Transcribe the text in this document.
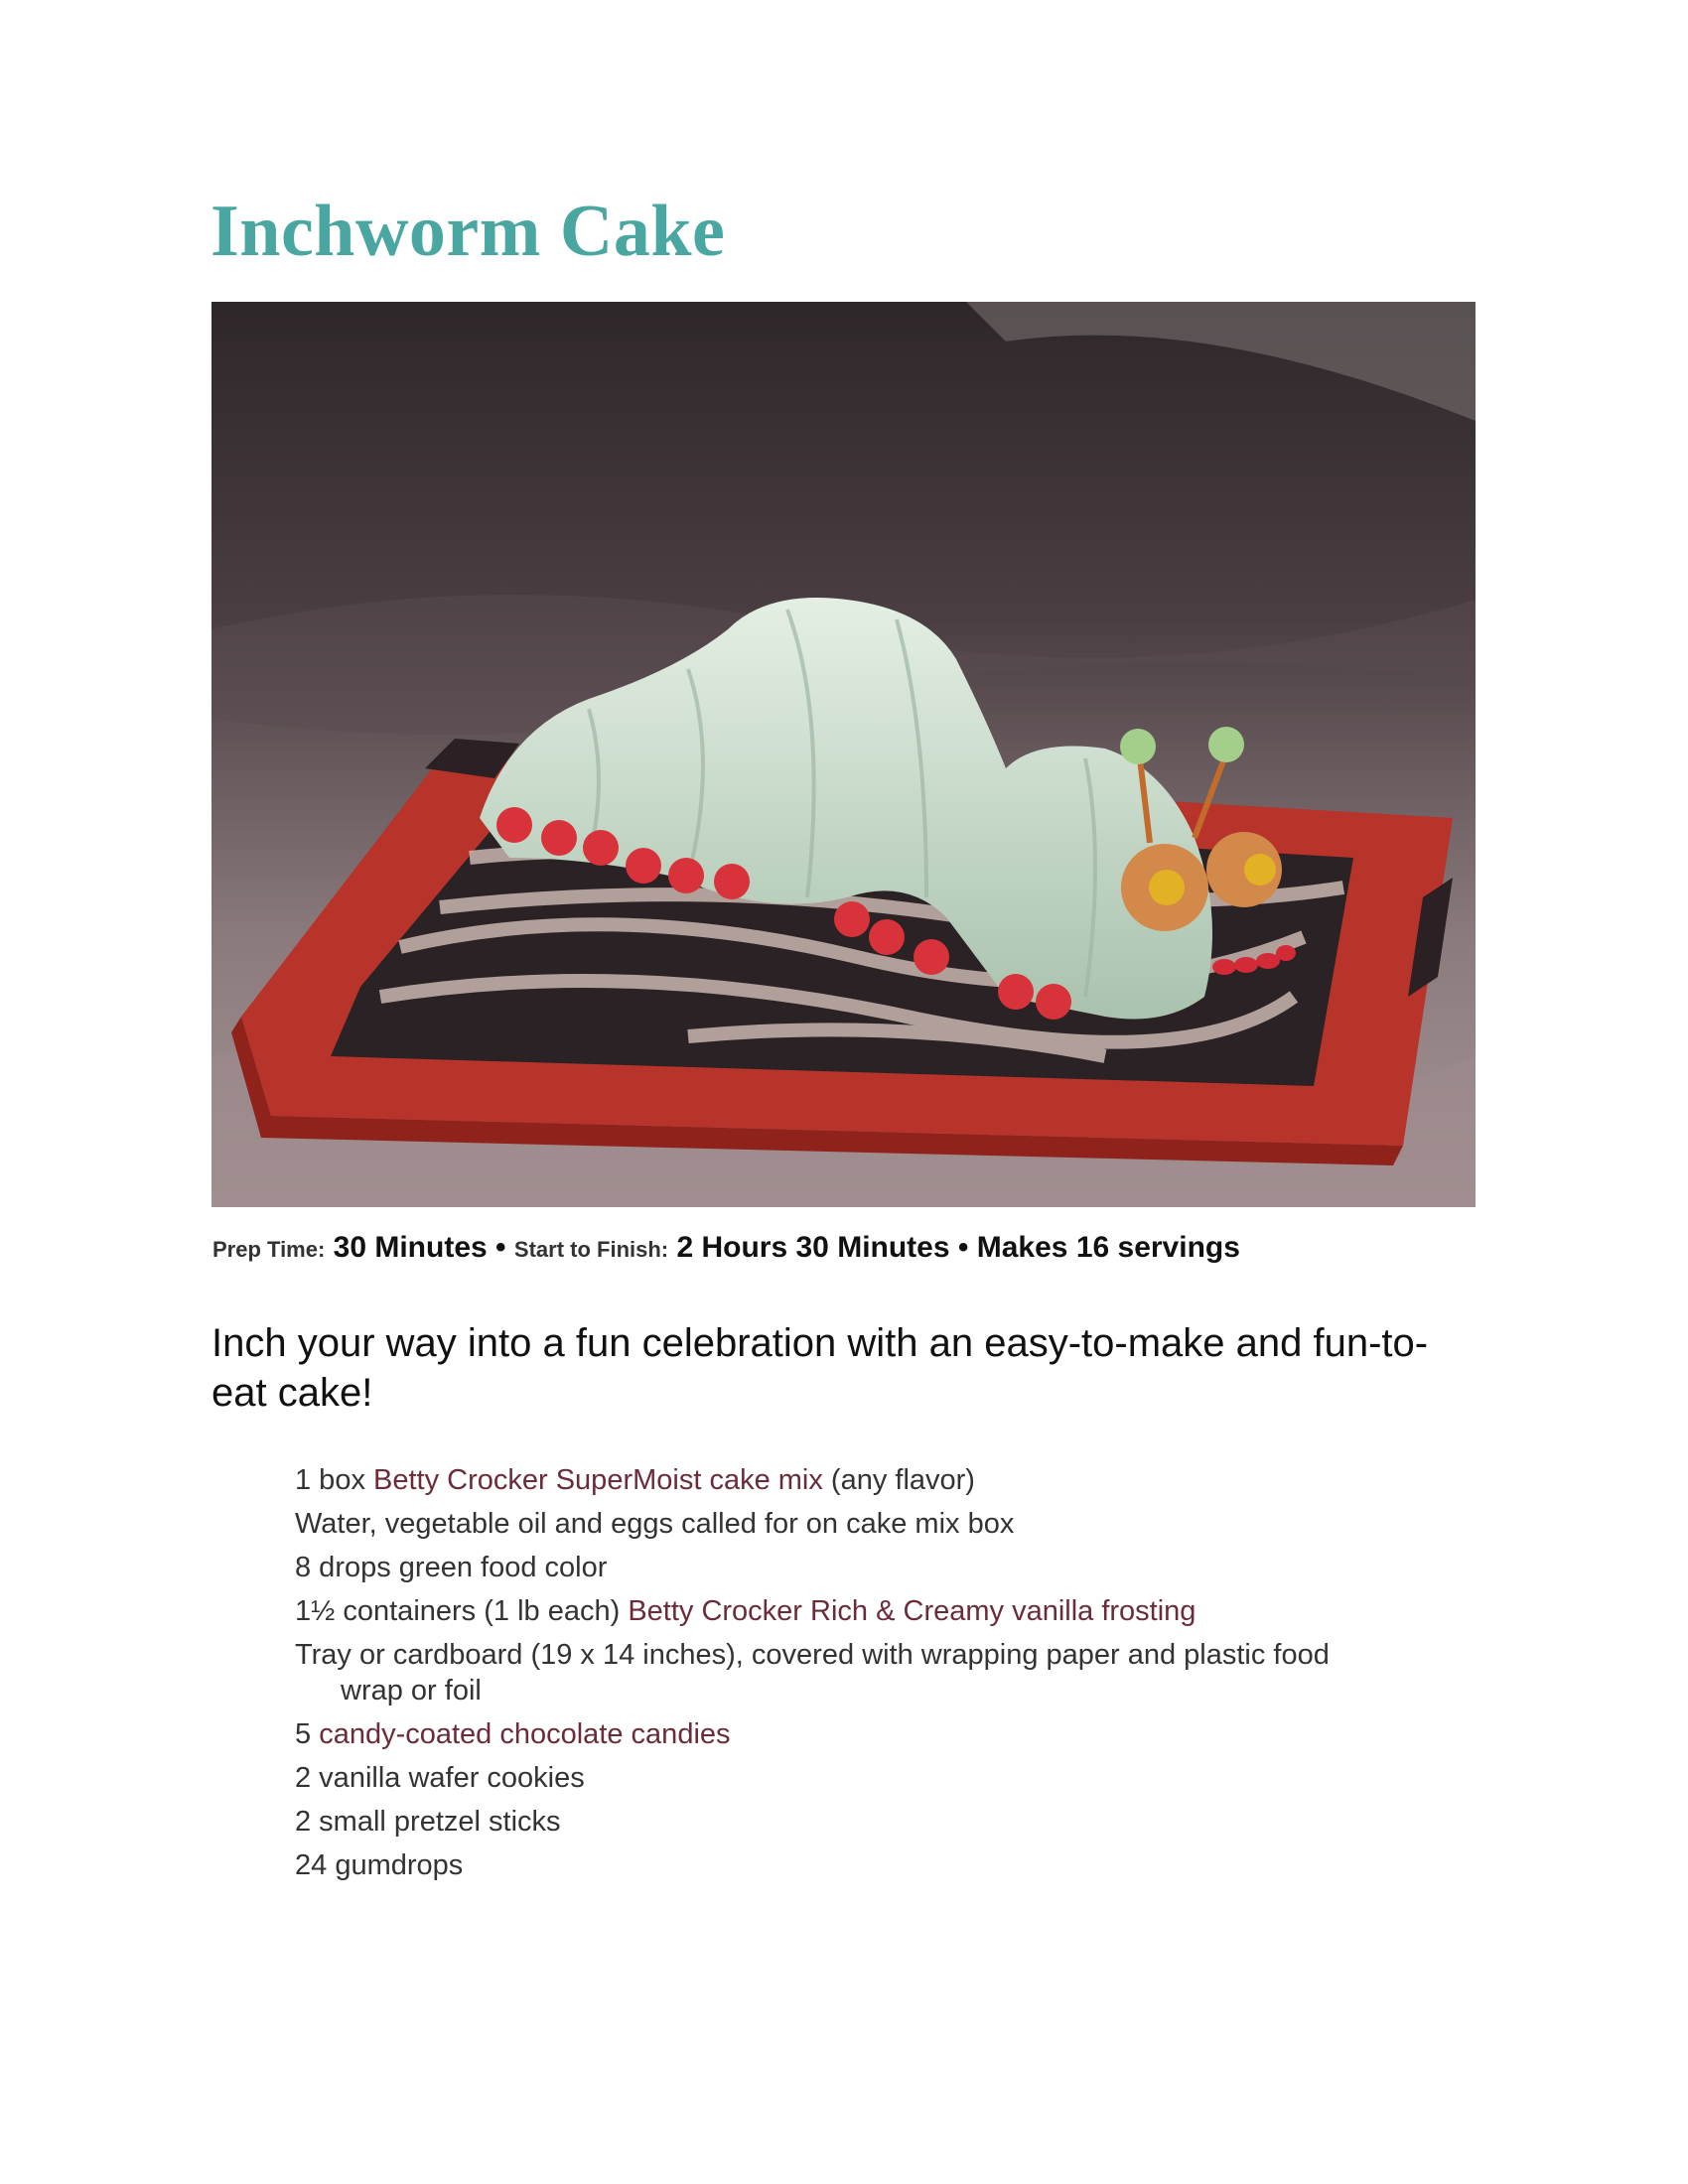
Inchworm Cake
Prep Time: 30 Minutes • Start to Finish: 2 Hours 30 Minutes • Makes 16 servings

Inch your way into a fun celebration with an easy-to-make and fun-to-eat cake!

1 box Betty Crocker SuperMoist cake mix (any flavor)
Water, vegetable oil and eggs called for on cake mix box
8 drops green food color
1½ containers (1 lb each) Betty Crocker Rich & Creamy vanilla frosting
Tray or cardboard (19 x 14 inches), covered with wrapping paper and plastic food wrap or foil
5 candy-coated chocolate candies
2 vanilla wafer cookies
2 small pretzel sticks
24 gumdrops
